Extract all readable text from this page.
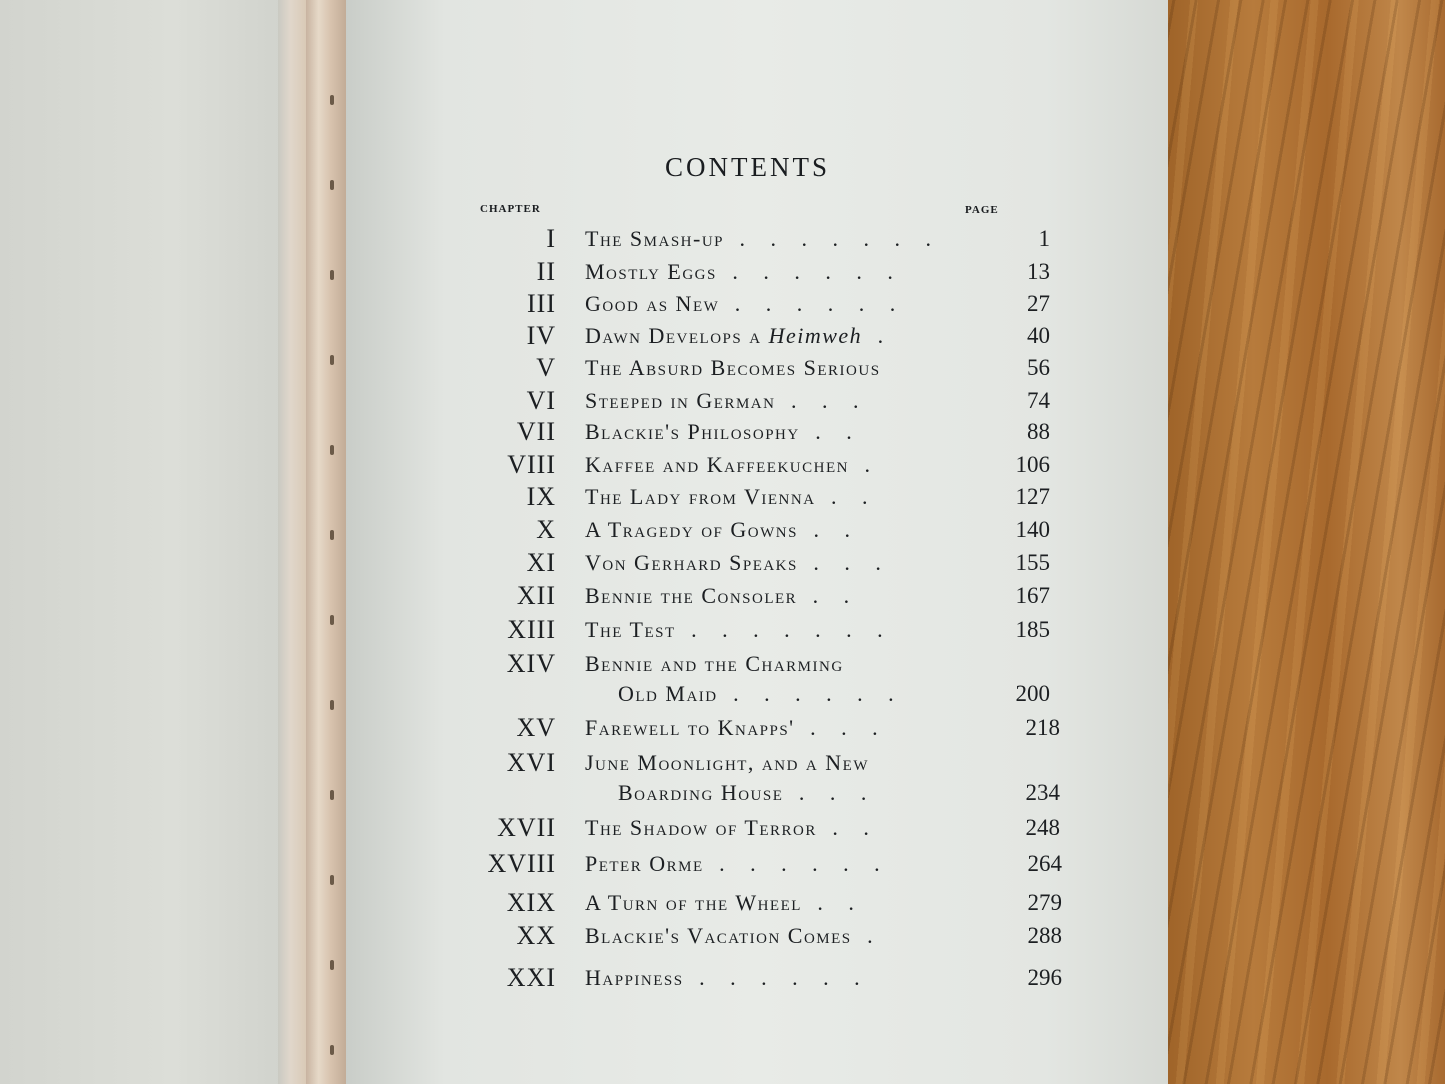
CONTENTS
CHAPTER	PAGE
I The Smash-up . . . . . . .	1
II Mostly Eggs . . . . . .	13
III Good as New . . . . . .	27
IV Dawn Develops a Heimweh .	40
V The Absurd Becomes Serious	56
VI Steeped in German . . .	74
VII Blackie's Philosophy . .	88
VIII Kaffee and Kaffeekuchen .	106
IX The Lady from Vienna . .	127
X A Tragedy of Gowns . .	140
XI Von Gerhard Speaks . . .	155
XII Bennie the Consoler . .	167
XIII The Test . . . . . . .	185
XIV Bennie and the Charming
Old Maid . . . . . .	200
XV Farewell to Knapps' . . .	218
XVI June Moonlight, and a New
Boarding House . . .	234
XVII The Shadow of Terror . .	248
XVIII Peter Orme . . . . . .	264
XIX A Turn of the Wheel . .	279
XX Blackie's Vacation Comes .	288
XXI Happiness . . . . . .	296
